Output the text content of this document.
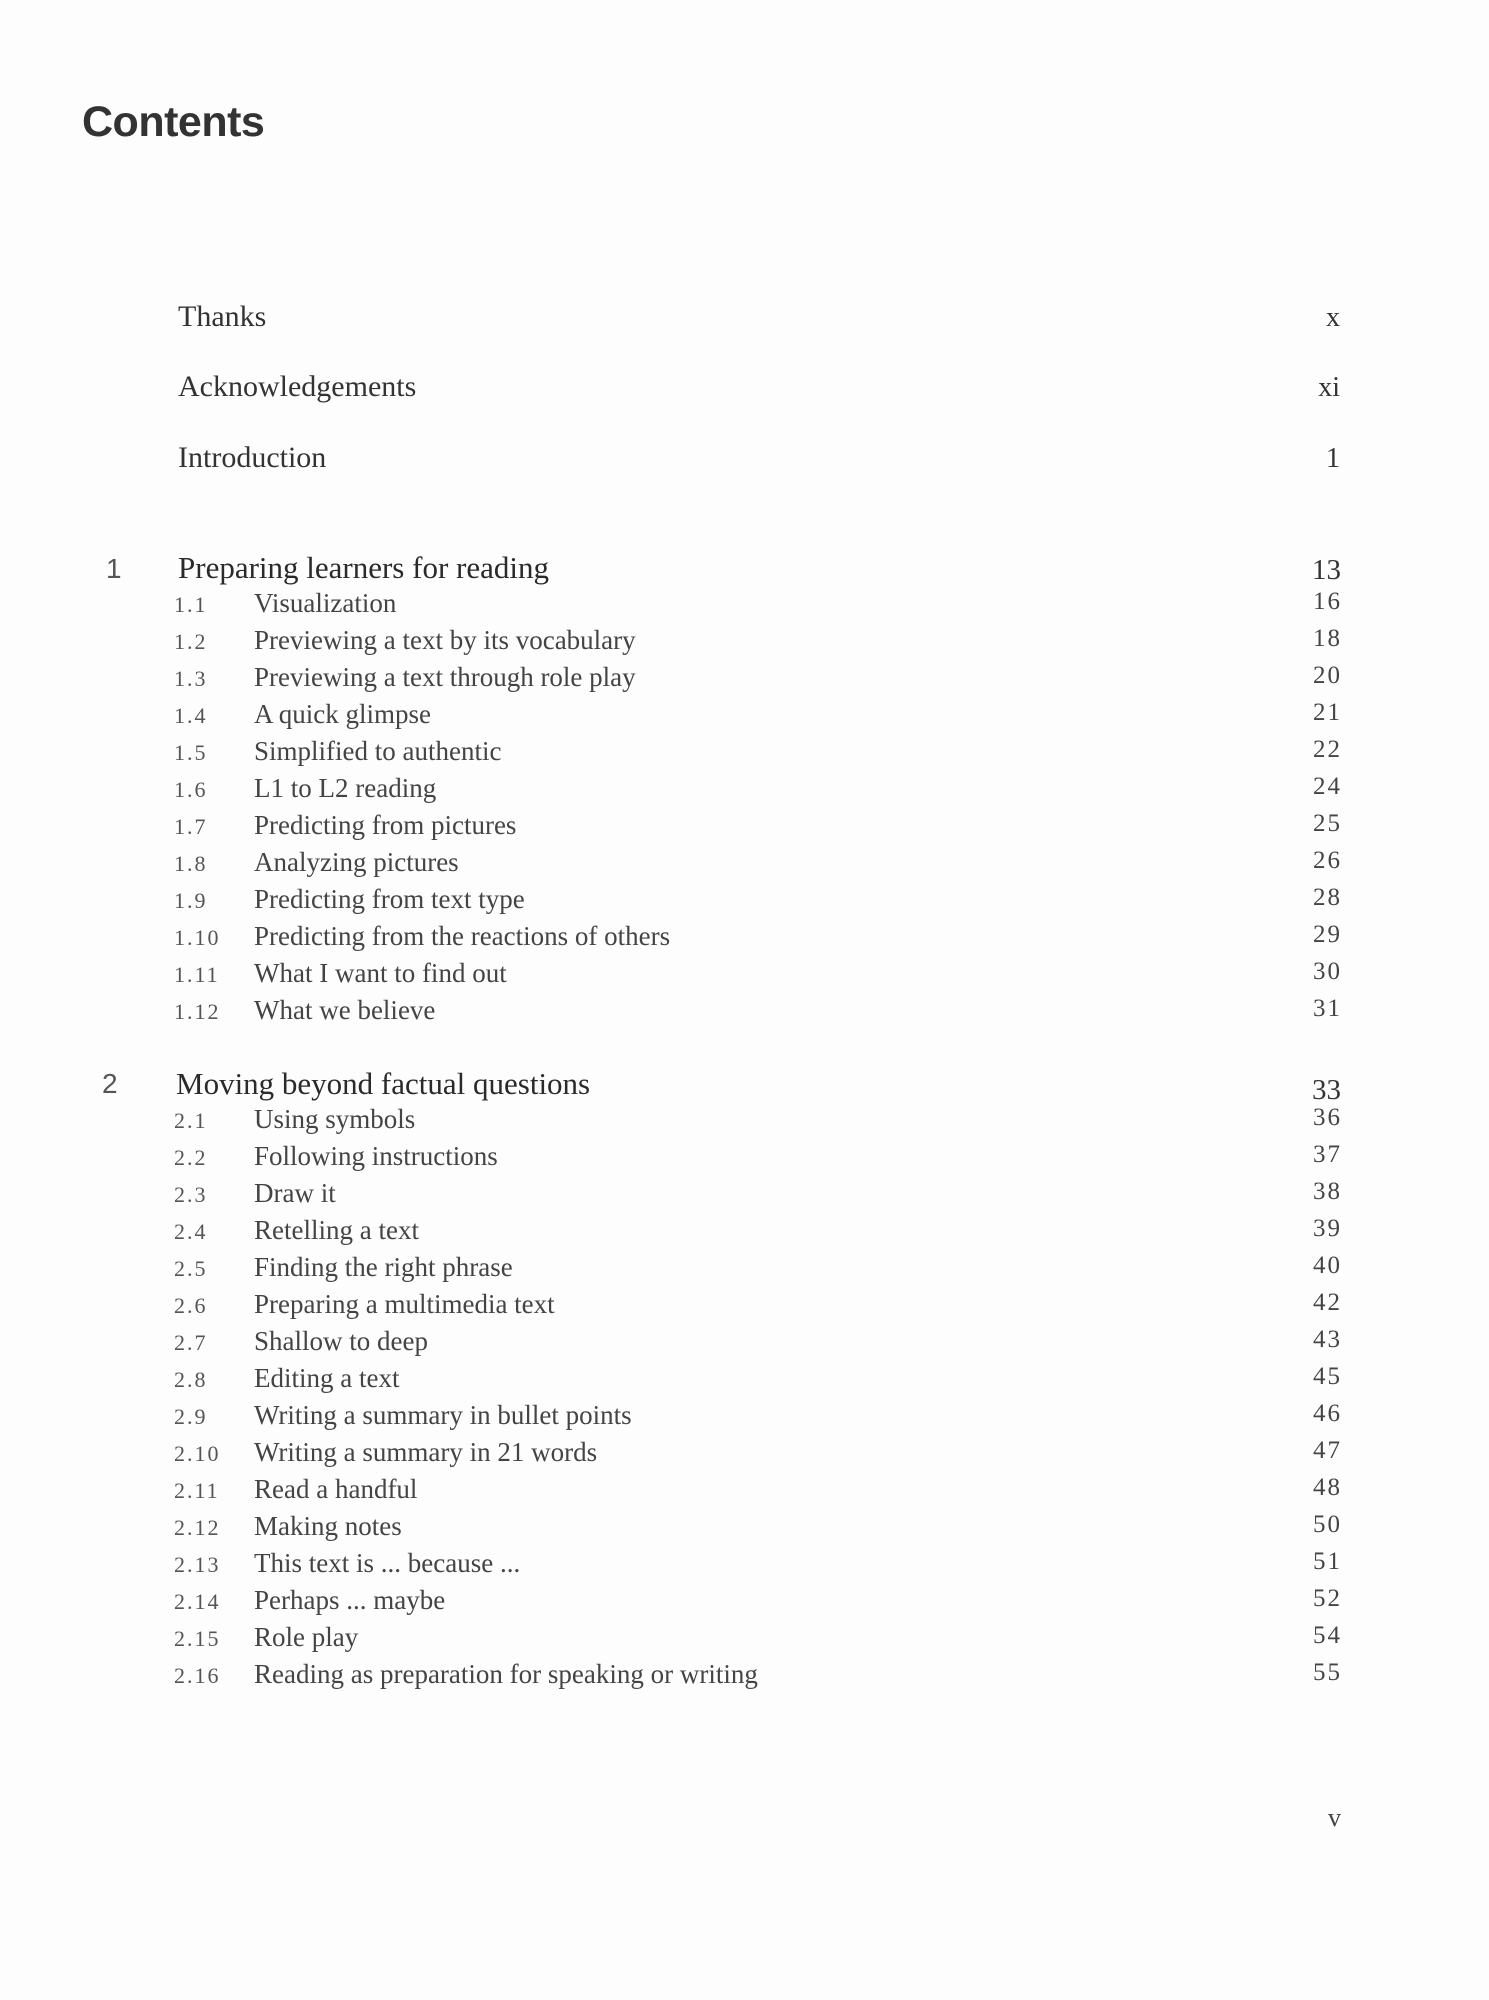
Contents
Thanks	x
Acknowledgements	xi
Introduction	1
1 Preparing learners for reading	13
1.1	Visualization	16
1.2	Previewing a text by its vocabulary	18
1.3	Previewing a text through role play	20
1.4	A quick glimpse	21
1.5	Simplified to authentic	22
1.6	L1 to L2 reading	24
1.7	Predicting from pictures	25
1.8	Analyzing pictures	26
1.9	Predicting from text type	28
1.10	Predicting from the reactions of others	29
1.11	What I want to find out	30
1.12	What we believe	31
2 Moving beyond factual questions	33
2.1	Using symbols	36
2.2	Following instructions	37
2.3	Draw it	38
2.4	Retelling a text	39
2.5	Finding the right phrase	40
2.6	Preparing a multimedia text	42
2.7	Shallow to deep	43
2.8	Editing a text	45
2.9	Writing a summary in bullet points	46
2.10	Writing a summary in 21 words	47
2.11	Read a handful	48
2.12	Making notes	50
2.13	This text is ... because ...	51
2.14	Perhaps ... maybe	52
2.15	Role play	54
2.16	Reading as preparation for speaking or writing	55
v
